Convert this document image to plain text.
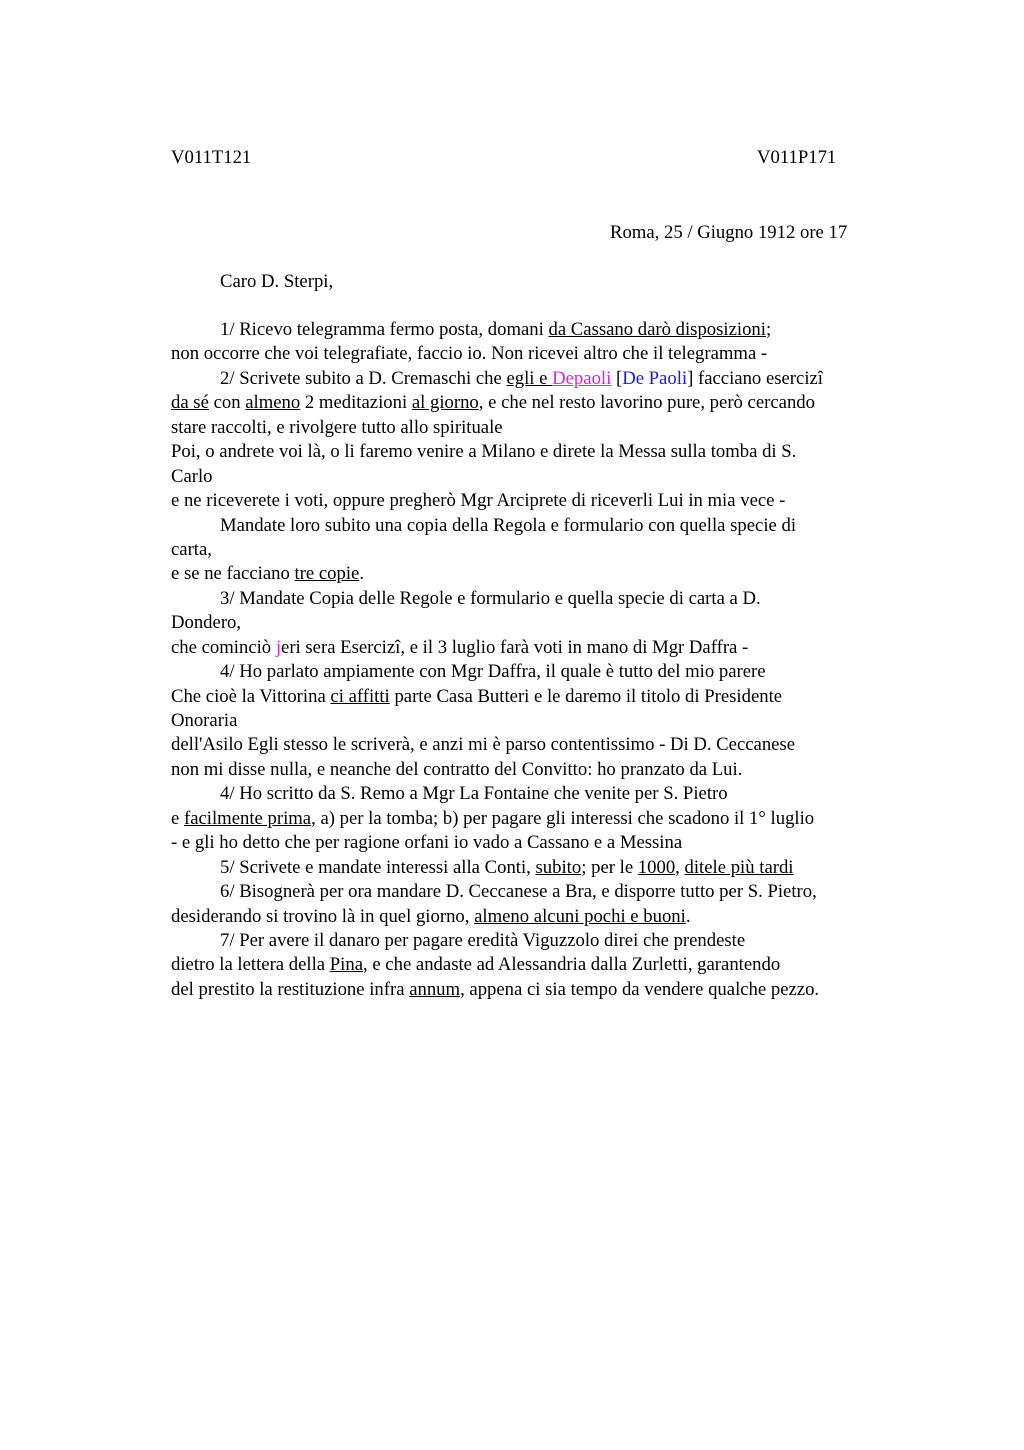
V011T121	V011P171
Roma, 25 / Giugno 1912 ore 17
Caro D. Sterpi,
1/ Ricevo telegramma fermo posta, domani da Cassano darò disposizioni;
non occorre che voi telegrafiate, faccio io. Non ricevei altro che il telegramma -
2/ Scrivete subito a D. Cremaschi che egli e Depaoli [De Paoli] facciano esercizi
da sé con almeno 2 meditazioni al giorno, e che nel resto lavorino pure, però cercando
stare raccolti, e rivolgere tutto allo spirituale
Poi, o andrete voi là, o li faremo venire a Milano e direte la Messa sulla tomba di S.
Carlo
e ne riceverete i voti, oppure pregherò Mgr Arciprete di riceverli Lui in mia vece -
Mandate loro subito una copia della Regola e formulario con quella specie di
carta,
e se ne facciano tre copie.
3/ Mandate Copia delle Regole e formulario e quella specie di carta a D.
Dondero,
che cominciò jeri sera Esercizi, e il 3 luglio farà voti in mano di Mgr Daffra -
4/ Ho parlato ampiamente con Mgr Daffra, il quale è tutto del mio parere
Che cioè la Vittorina ci affitti parte Casa Butteri e le daremo il titolo di Presidente
Onoraria
dell'Asilo Egli stesso le scriverà, e anzi mi è parso contentissimo - Di D. Ceccanese
non mi disse nulla, e neanche del contratto del Convitto: ho pranzato da Lui.
4/ Ho scritto da S. Remo a Mgr La Fontaine che venite per S. Pietro
e facilmente prima, a) per la tomba; b) per pagare gli interessi che scadono il 1° luglio
- e gli ho detto che per ragione orfani io vado a Cassano e a Messina
5/ Scrivete e mandate interessi alla Conti, subito; per le 1000, ditele più tardi
6/ Bisognerà per ora mandare D. Ceccanese a Bra, e disporre tutto per S. Pietro,
desiderando si trovino là in quel giorno, almeno alcuni pochi e buoni.
7/ Per avere il danaro per pagare eredità Viguzzolo direi che prendeste
dietro la lettera della Pina, e che andaste ad Alessandria dalla Zurletti, garantendo
del prestito la restituzione infra annum, appena ci sia tempo da vendere qualche pezzo.
